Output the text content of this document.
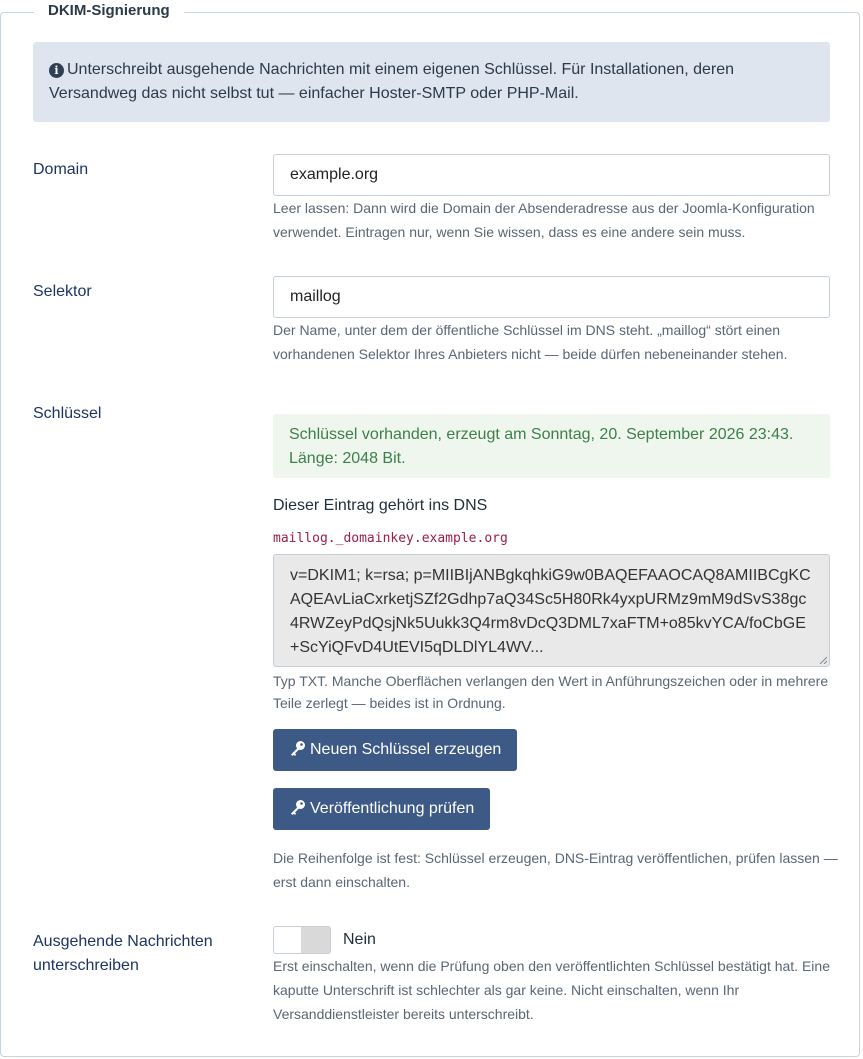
DKIM-Signierung
i Unterschreibt ausgehende Nachrichten mit einem eigenen Schlüssel. Für Installationen, deren Versandweg das nicht selbst tut — einfacher Hoster-SMTP oder PHP-Mail.
Domain	example.org
Leer lassen: Dann wird die Domain der Absenderadresse aus der Joomla-Konfiguration verwendet. Eintragen nur, wenn Sie wissen, dass es eine andere sein muss.
Selektor	maillog
Der Name, unter dem der öffentliche Schlüssel im DNS steht. „maillog“ stört einen vorhandenen Selektor Ihres Anbieters nicht — beide dürfen nebeneinander stehen.
Schlüssel
Schlüssel vorhanden, erzeugt am Sonntag, 20. September 2026 23:43. Länge: 2048 Bit.
Dieser Eintrag gehört ins DNS
maillog._domainkey.example.org
v=DKIM1; k=rsa; p=MIIBIjANBgkqhkiG9w0BAQEFAAOCAQ8AMIIBCgKCAQEAvLiaCxrketjSZf2Gdhp7aQ34Sc5H80Rk4yxpURMz9mM9dSvS38gc4RWZeyPdQsjNk5Uukk3Q4rm8vDcQ3DML7xaFTM+o85kvYCA/foCbGE+ScYiQFvD4UtEVI5qDLDlYL4WV...
Typ TXT. Manche Oberflächen verlangen den Wert in Anführungszeichen oder in mehrere Teile zerlegt — beides ist in Ordnung.
Neuen Schlüssel erzeugen
Veröffentlichung prüfen
Die Reihenfolge ist fest: Schlüssel erzeugen, DNS-Eintrag veröffentlichen, prüfen lassen — erst dann einschalten.
Ausgehende Nachrichten unterschreiben
Nein
Erst einschalten, wenn die Prüfung oben den veröffentlichten Schlüssel bestätigt hat. Eine kaputte Unterschrift ist schlechter als gar keine. Nicht einschalten, wenn Ihr Versanddienstleister bereits unterschreibt.
